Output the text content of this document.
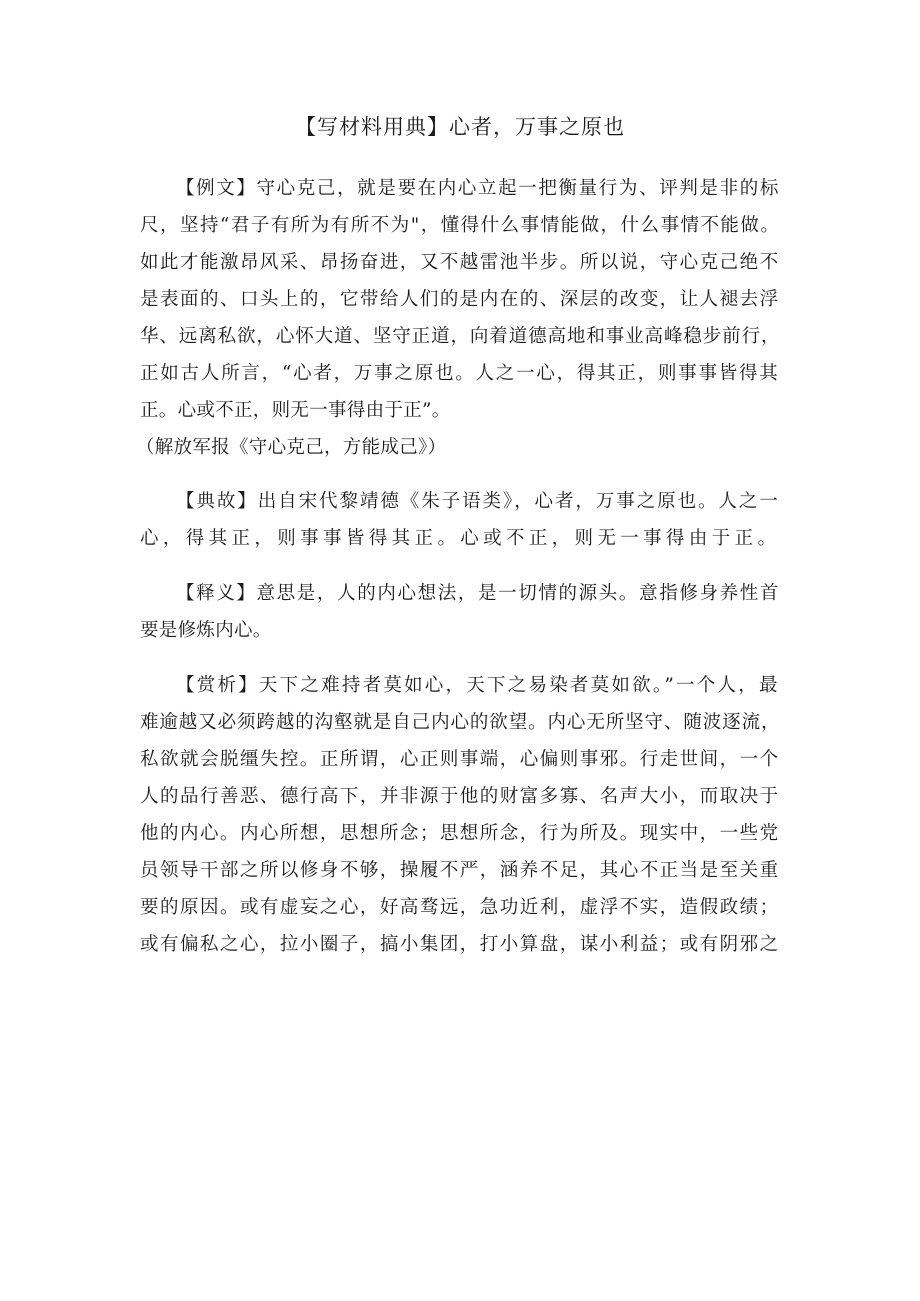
【写材料用典】心者，万事之原也
【例文】守心克己，就是要在内心立起一把衡量行为、评判是非的标
尺，坚持“君子有所为有所不为"，懂得什么事情能做，什么事情不能做。
如此才能激昂风采、昂扬奋进，又不越雷池半步。所以说，守心克己绝不
是表面的、口头上的，它带给人们的是内在的、深层的改变，让人褪去浮
华、远离私欲，心怀大道、坚守正道，向着道德高地和事业高峰稳步前行，
正如古人所言，“心者，万事之原也。人之一心，得其正，则事事皆得其
正。心或不正，则无一事得由于正”。
（解放军报《守心克己，方能成己》）
【典故】出自宋代黎靖德《朱子语类》，心者，万事之原也。人之一
心，得其正，则事事皆得其正。心或不正，则无一事得由于正。
【释义】意思是，人的内心想法，是一切情的源头。意指修身养性首
要是修炼内心。
【赏析】天下之难持者莫如心，天下之易染者莫如欲。”一个人，最
难逾越又必须跨越的沟壑就是自己内心的欲望。内心无所坚守、随波逐流，
私欲就会脱缰失控。正所谓，心正则事端，心偏则事邪。行走世间，一个
人的品行善恶、德行高下，并非源于他的财富多寡、名声大小，而取决于
他的内心。内心所想，思想所念；思想所念，行为所及。现实中，一些党
员领导干部之所以修身不够，操履不严，涵养不足，其心不正当是至关重
要的原因。或有虚妄之心，好高骛远，急功近利，虚浮不实，造假政绩；
或有偏私之心，拉小圈子，搞小集团，打小算盘，谋小利益；或有阴邪之
